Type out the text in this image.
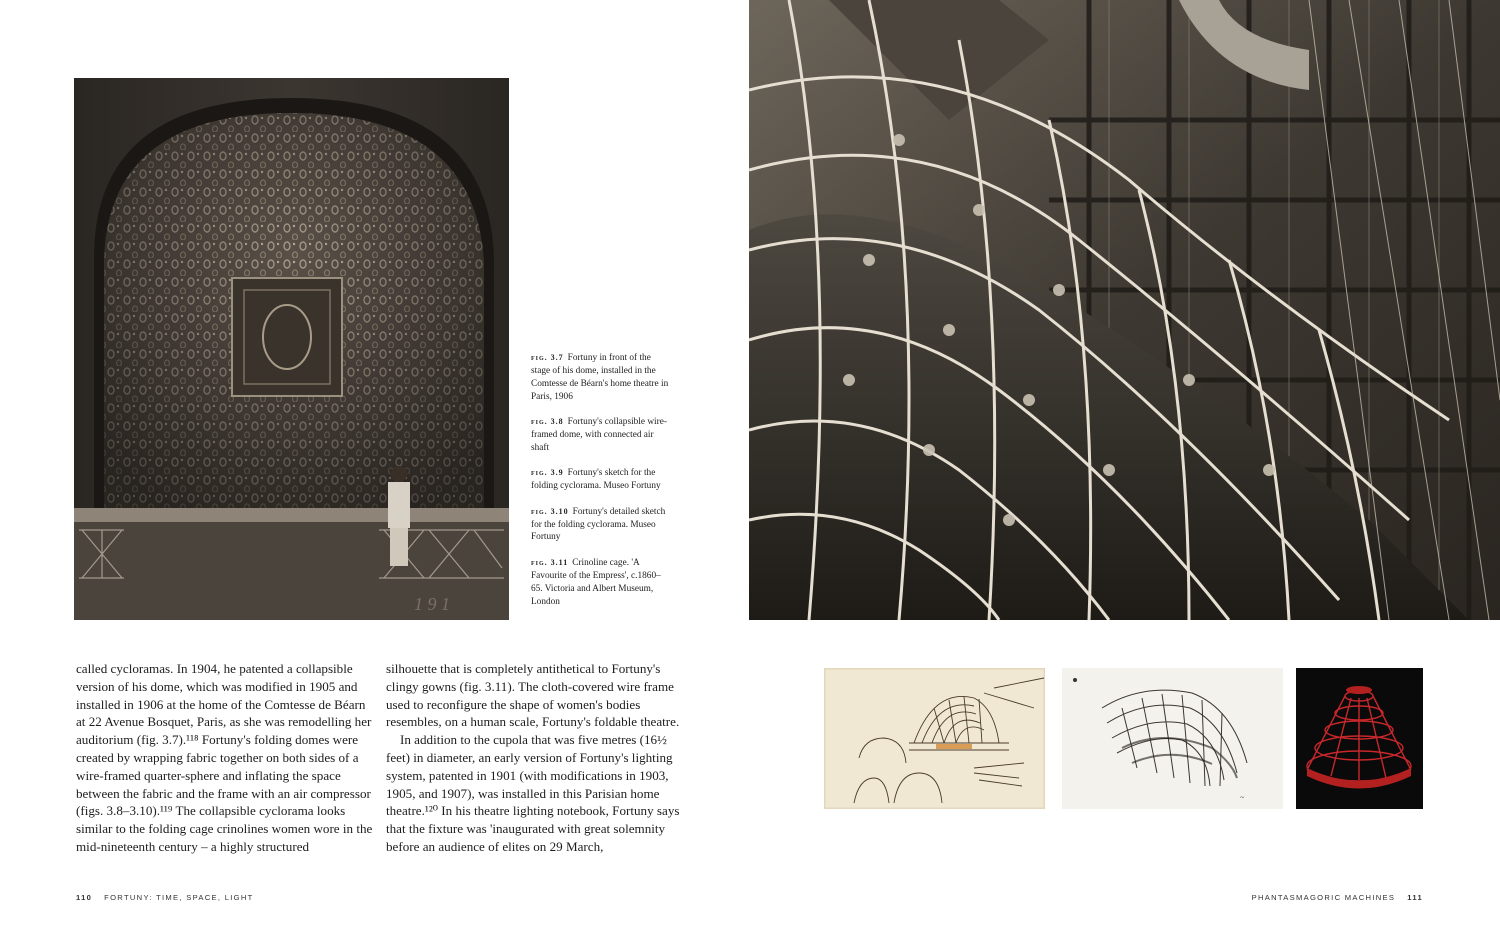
1 9 1
~

fig. 3.7 Fortuny in front of the stage of his dome, installed in the Comtesse de Béarn's home theatre in Paris, 1906

fig. 3.8 Fortuny's collapsible wire-framed dome, with connected air shaft

fig. 3.9 Fortuny's sketch for the folding cyclorama. Museo Fortuny

fig. 3.10 Fortuny's detailed sketch for the folding cyclorama. Museo Fortuny

fig. 3.11 Crinoline cage. 'A Favourite of the Empress', c.1860–65. Victoria and Albert Museum, London

called cycloramas. In 1904, he patented a collapsible version of his dome, which was modified in 1905 and installed in 1906 at the home of the Comtesse de Béarn at 22 Avenue Bosquet, Paris, as she was remodelling her auditorium (fig. 3.7).¹¹⁸ Fortuny's folding domes were created by wrapping fabric together on both sides of a wire-framed quarter-sphere and inflating the space between the fabric and the frame with an air compressor (figs. 3.8–3.10).¹¹⁹ The collapsible cyclorama looks similar to the folding cage crinolines women wore in the mid-nineteenth century – a highly structured

silhouette that is completely antithetical to Fortuny's clingy gowns (fig. 3.11). The cloth-covered wire frame used to reconfigure the shape of women's bodies resembles, on a human scale, Fortuny's foldable theatre.

In addition to the cupola that was five metres (16½ feet) in diameter, an early version of Fortuny's lighting system, patented in 1901 (with modifications in 1903, 1905, and 1907), was installed in this Parisian home theatre.¹²⁰ In his theatre lighting notebook, Fortuny says that the fixture was 'inaugurated with great solemnity before an audience of elites on 29 March,

110 FORTUNY: TIME, SPACE, LIGHT	PHANTASMAGORIC MACHINES 111
